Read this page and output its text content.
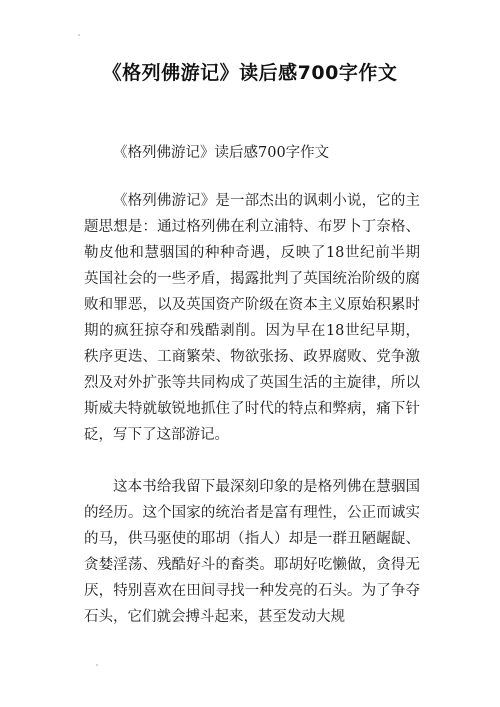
《格列佛游记》读后感700字作文

《格列佛游记》读后感700字作文

《格列佛游记》是一部杰出的讽刺小说，它的主题思想是：通过格列佛在利立浦特、布罗卜丁奈格、勒皮他和慧骃国的种种奇遇，反映了18世纪前半期英国社会的一些矛盾，揭露批判了英国统治阶级的腐败和罪恶，以及英国资产阶级在资本主义原始积累时期的疯狂掠夺和残酷剥削。因为早在18世纪早期，秩序更迭、工商繁荣、物欲张扬、政界腐败、党争激烈及对外扩张等共同构成了英国生活的主旋律，所以斯威夫特就敏锐地抓住了时代的特点和弊病，痛下针砭，写下了这部游记。

这本书给我留下最深刻印象的是格列佛在慧骃国的经历。这个国家的统治者是富有理性，公正而诚实的马，供马驱使的耶胡（指人）却是一群丑陋龌龊、贪婪淫荡、残酷好斗的畜类。耶胡好吃懒做，贪得无厌，特别喜欢在田间寻找一种发亮的石头。为了争夺石头，它们就会搏斗起来，甚至发动大规
